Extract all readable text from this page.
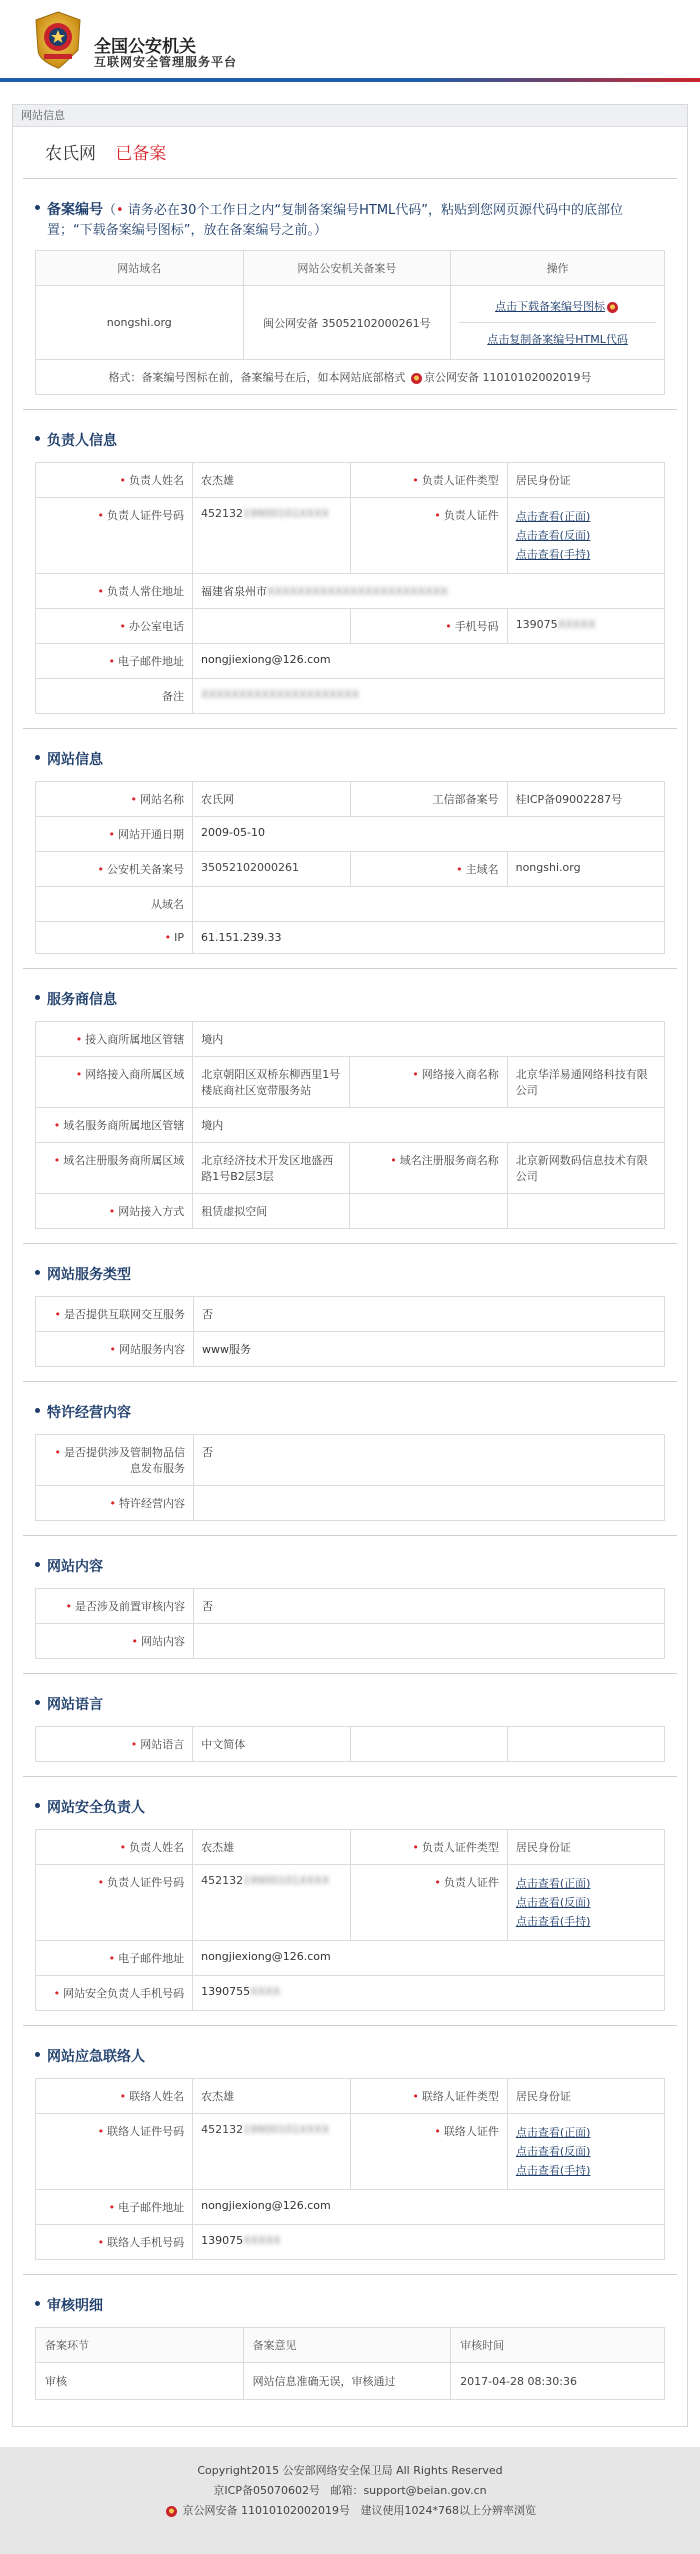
全国公安机关
互联网安全管理服务平台
网站信息
农氏网 已备案
备案编号（• 请务必在30个工作日之内“复制备案编号HTML代码”，粘贴到您网页源代码中的底部位置；“下载备案编号图标”，放在备案编号之前。）
网站域名	网站公安机关备案号	操作
nongshi.org	闽公网安备 35052102000261号	点击下载备案编号图标
点击复制备案编号HTML代码

格式：备案编号图标在前，备案编号在后，如本网站底部格式 京公网安备 11010102002019号		
负责人信息
• 负责人姓名	农杰雄	• 负责人证件类型	居民身份证
• 负责人证件号码	45213219900101XXXX	• 负责人证件	点击查看(正面)
点击查看(反面)
点击查看(手持)

• 负责人常住地址	福建省泉州市XXXXXXXXXXXXXXXXXXXXXXXX		
• 办公室电话		• 手机号码	139075XXXXX
• 电子邮件地址	nongjiexiong@126.com		
备注	XXXXXXXXXXXXXXXXXXXXX		
网站信息
• 网站名称	农氏网	工信部备案号	桂ICP备09002287号
• 网站开通日期	2009-05-10		
• 公安机关备案号	35052102000261	• 主域名	nongshi.org
从域名			
• IP	61.151.239.33		
服务商信息
• 接入商所属地区管辖	境内		
• 网络接入商所属区域	北京朝阳区双桥东柳西里1号楼底商社区宽带服务站	• 网络接入商名称	北京华洋易通网络科技有限公司
• 域名服务商所属地区管辖	境内		
• 域名注册服务商所属区域	北京经济技术开发区地盛西路1号B2层3层	• 域名注册服务商名称	北京新网数码信息技术有限公司
• 网站接入方式	租赁虚拟空间		
网站服务类型
• 是否提供互联网交互服务	否
• 网站服务内容	www服务
特许经营内容
• 是否提供涉及管制物品信息发布服务	否
• 特许经营内容	
网站内容
• 是否涉及前置审核内容	否
• 网站内容	
网站语言
• 网站语言	中文简体		
网站安全负责人
• 负责人姓名	农杰雄	• 负责人证件类型	居民身份证
• 负责人证件号码	45213219900101XXXX	• 负责人证件	点击查看(正面)
点击查看(反面)
点击查看(手持)

• 电子邮件地址	nongjiexiong@126.com		
• 网站安全负责人手机号码	1390755XXXX		
网站应急联络人
• 联络人姓名	农杰雄	• 联络人证件类型	居民身份证
• 联络人证件号码	45213219900101XXXX	• 联络人证件	点击查看(正面)
点击查看(反面)
点击查看(手持)

• 电子邮件地址	nongjiexiong@126.com		
• 联络人手机号码	139075XXXXX		
审核明细
备案环节	备案意见	审核时间
审核	网站信息准确无误，审核通过	2017-04-28 08:30:36
Copyright2015 公安部网络安全保卫局 All Rights Reserved
京ICP备05070602号 邮箱：support@beian.gov.cn
京公网安备 11010102002019号 建议使用1024*768以上分辨率浏览
